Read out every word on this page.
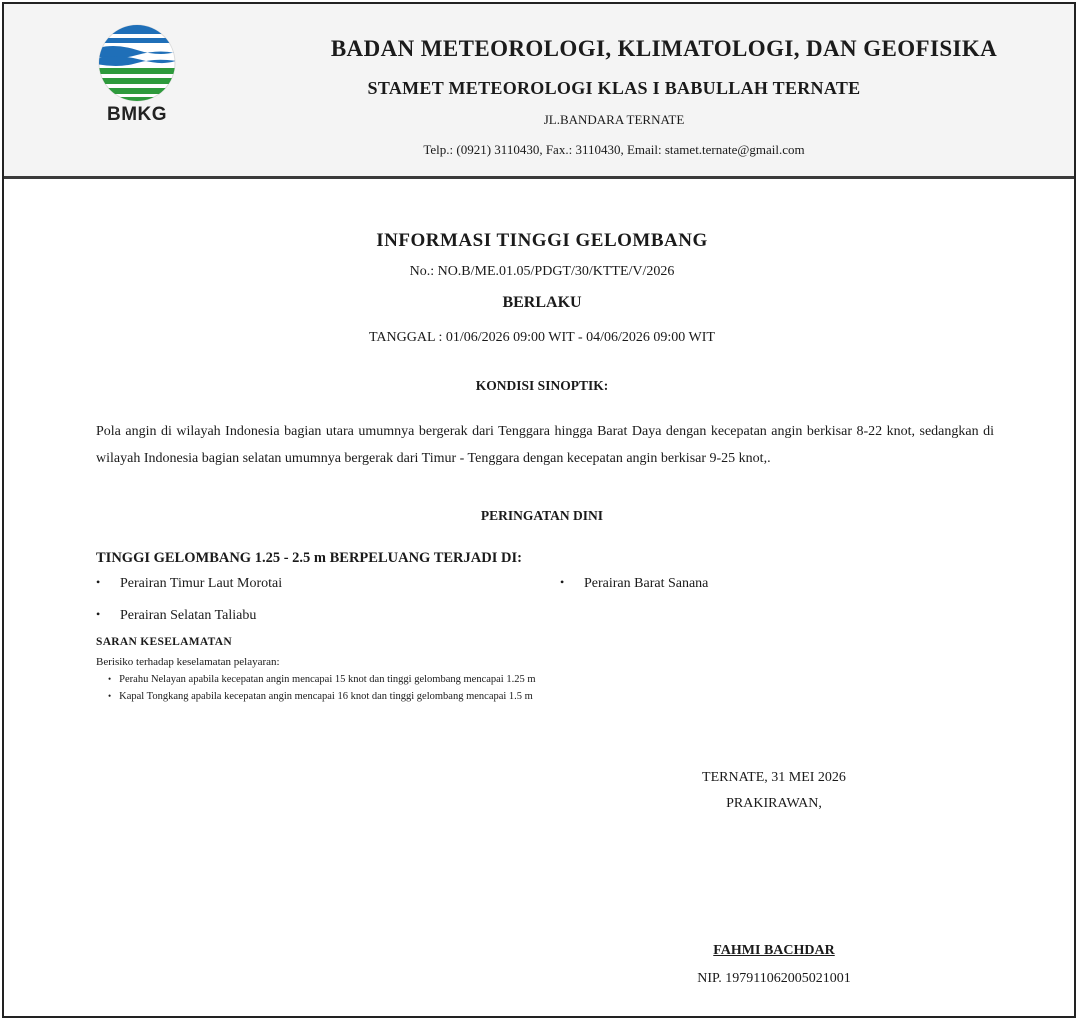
BMKG
BADAN METEOROLOGI, KLIMATOLOGI, DAN GEOFISIKA
STAMET METEOROLOGI KLAS I BABULLAH TERNATE
JL.BANDARA TERNATE
Telp.: (0921) 3110430, Fax.: 3110430, Email: stamet.ternate@gmail.com
INFORMASI TINGGI GELOMBANG
No.: NO.B/ME.01.05/PDGT/30/KTTE/V/2026
BERLAKU
TANGGAL : 01/06/2026 09:00 WIT - 04/06/2026 09:00 WIT
KONDISI SINOPTIK:
Pola angin di wilayah Indonesia bagian utara umumnya bergerak dari Tenggara hingga Barat Daya dengan kecepatan angin berkisar 8-22 knot, sedangkan di wilayah Indonesia bagian selatan umumnya bergerak dari Timur - Tenggara dengan kecepatan angin berkisar 9-25 knot,.
PERINGATAN DINI
TINGGI GELOMBANG 1.25 - 2.5 m BERPELUANG TERJADI DI:
• Perairan Timur Laut Morotai	• Perairan Barat Sanana
• Perairan Selatan Taliabu
SARAN KESELAMATAN
Berisiko terhadap keselamatan pelayaran:
• Perahu Nelayan apabila kecepatan angin mencapai 15 knot dan tinggi gelombang mencapai 1.25 m
• Kapal Tongkang apabila kecepatan angin mencapai 16 knot dan tinggi gelombang mencapai 1.5 m
TERNATE, 31 MEI 2026
PRAKIRAWAN,
FAHMI BACHDAR
NIP. 197911062005021001
